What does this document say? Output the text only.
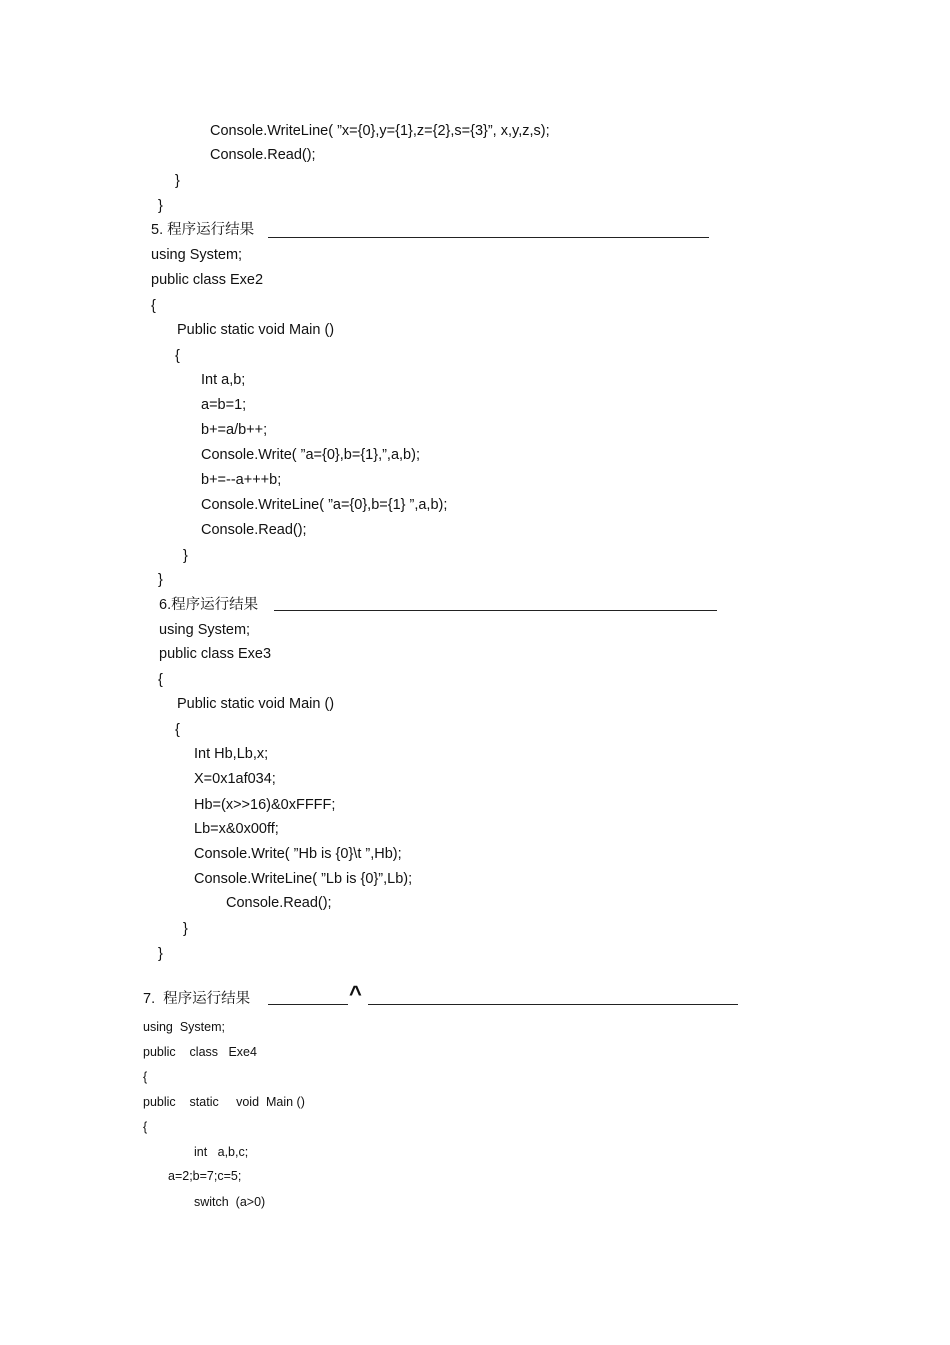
Console.WriteLine( ”x={0},y={1},z={2},s={3}”, x,y,z,s);
Console.Read();
}
}
5. 程序运行结果
using System;
public class Exe2
{
Public static void Main ()
{
Int a,b;
a=b=1;
b+=a/b++;
Console.Write( ”a={0},b={1},”,a,b);
b+=--a+++b;
Console.WriteLine( ”a={0},b={1} ”,a,b);
Console.Read();
}
}
6.程序运行结果
using System;
public class Exe3
{
Public static void Main ()
{
Int Hb,Lb,x;
X=0x1af034;
Hb=(x>>16)&0xFFFF;
Lb=x&0x00ff;
Console.Write( ”Hb is {0}\t ”,Hb);
Console.WriteLine( ”Lb is {0}”,Lb);
Console.Read();
}
}
7.  程序运行结果	^
using  System;
public    class   Exe4
{
public    static     void  Main ()
{
int   a,b,c;
a=2;b=7;c=5;
switch  (a>0)
